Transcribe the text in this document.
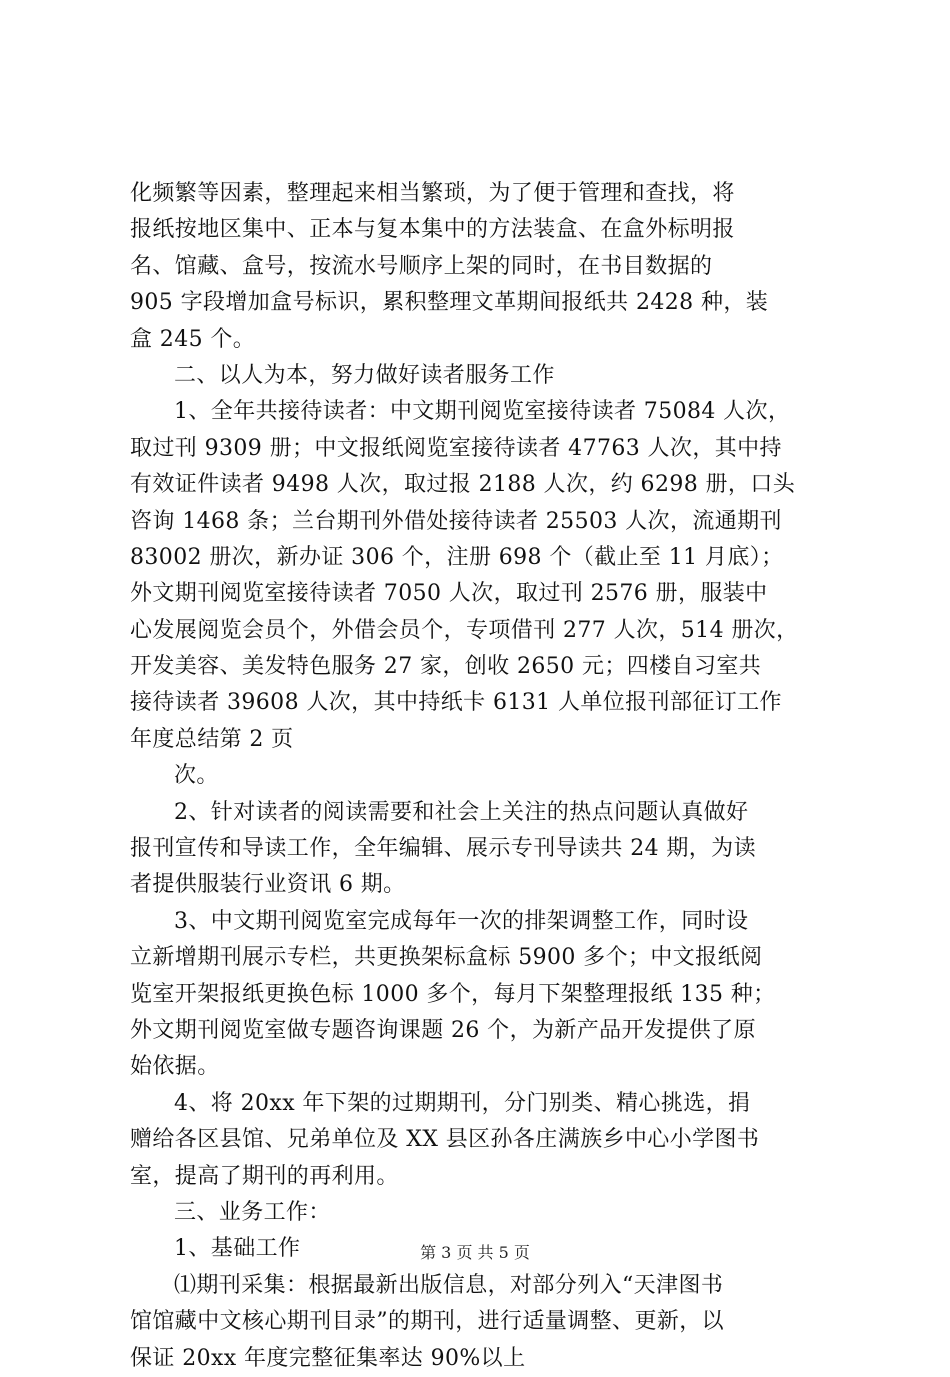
化频繁等因素，整理起来相当繁琐，为了便于管理和查找，将
报纸按地区集中、正本与复本集中的方法装盒、在盒外标明报
名、馆藏、盒号，按流水号顺序上架的同时，在书目数据的
905 字段增加盒号标识，累积整理文革期间报纸共 2428 种，装
盒 245 个。
二、以人为本，努力做好读者服务工作
1、全年共接待读者：中文期刊阅览室接待读者 75084 人次，
取过刊 9309 册；中文报纸阅览室接待读者 47763 人次，其中持
有效证件读者 9498 人次，取过报 2188 人次，约 6298 册，口头
咨询 1468 条；兰台期刊外借处接待读者 25503 人次，流通期刊
83002 册次，新办证 306 个，注册 698 个（截止至 11 月底）；
外文期刊阅览室接待读者 7050 人次，取过刊 2576 册，服装中
心发展阅览会员个，外借会员个，专项借刊 277 人次，514 册次，
开发美容、美发特色服务 27 家，创收 2650 元；四楼自习室共
接待读者 39608 人次，其中持纸卡 6131 人单位报刊部征订工作
年度总结第 2 页
次。
2、针对读者的阅读需要和社会上关注的热点问题认真做好
报刊宣传和导读工作，全年编辑、展示专刊导读共 24 期，为读
者提供服装行业资讯 6 期。
3、中文期刊阅览室完成每年一次的排架调整工作，同时设
立新增期刊展示专栏，共更换架标盒标 5900 多个；中文报纸阅
览室开架报纸更换色标 1000 多个，每月下架整理报纸 135 种；
外文期刊阅览室做专题咨询课题 26 个，为新产品开发提供了原
始依据。
4、将 20xx 年下架的过期期刊，分门别类、精心挑选，捐
赠给各区县馆、兄弟单位及 XX 县区孙各庄满族乡中心小学图书
室，提高了期刊的再利用。
三、业务工作：
1、基础工作
⑴期刊采集：根据最新出版信息，对部分列入“天津图书
馆馆藏中文核心期刊目录”的期刊，进行适量调整、更新，以
保证 20xx 年度完整征集率达 90%以上
第 3 页 共 5 页
